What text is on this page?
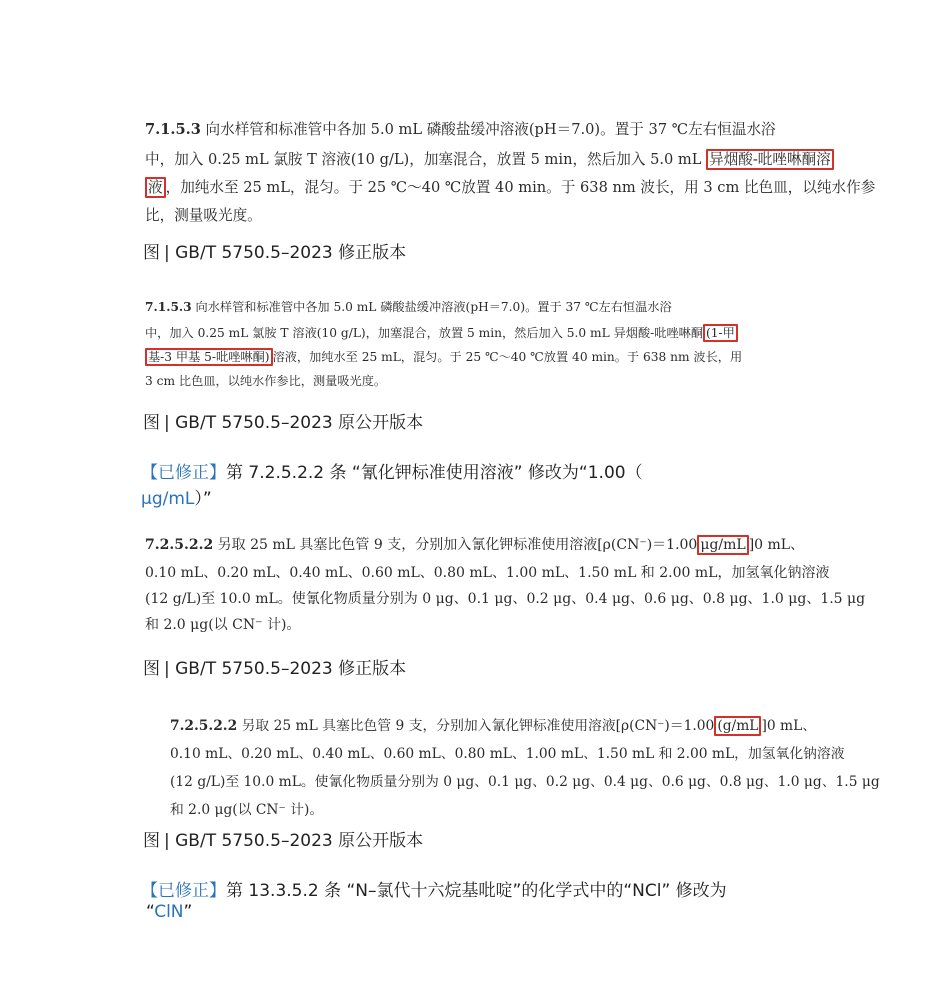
7.1.5.3 向水样管和标准管中各加 5.0 mL 磷酸盐缓冲溶液(pH＝7.0)。置于 37 ℃左右恒温水浴
中，加入 0.25 mL 氯胺 T 溶液(10 g/L)，加塞混合，放置 5 min，然后加入 5.0 mL 异烟酸-吡唑啉酮溶
液 ，加纯水至 25 mL，混匀。于 25 ℃～40 ℃放置 40 min。于 638 nm 波长，用 3 cm 比色皿，以纯水作参
比，测量吸光度。
图 | GB/T 5750.5–2023 修正版本
7.1.5.3 向水样管和标准管中各加 5.0 mL 磷酸盐缓冲溶液(pH＝7.0)。置于 37 ℃左右恒温水浴
中，加入 0.25 mL 氯胺 T 溶液(10 g/L)，加塞混合，放置 5 min，然后加入 5.0 mL 异烟酸-吡唑啉酮 (1-甲
基-3 甲基 5-吡唑啉酮) 溶液，加纯水至 25 mL，混匀。于 25 ℃～40 ℃放置 40 min。于 638 nm 波长，用
3 cm 比色皿，以纯水作参比，测量吸光度。
图 | GB/T 5750.5–2023 原公开版本
【已修正】第 7.2.5.2.2 条 “氰化钾标准使用溶液” 修改为“1.00（
μg/mL）”
7.2.5.2.2 另取 25 mL 具塞比色管 9 支，分别加入氰化钾标准使用溶液[ρ(CN⁻)＝1.00 μg/mL ]0 mL、
0.10 mL、0.20 mL、0.40 mL、0.60 mL、0.80 mL、1.00 mL、1.50 mL 和 2.00 mL，加氢氧化钠溶液
(12 g/L)至 10.0 mL。使氰化物质量分别为 0 μg、0.1 μg、0.2 μg、0.4 μg、0.6 μg、0.8 μg、1.0 μg、1.5 μg
和 2.0 μg(以 CN⁻ 计)。
图 | GB/T 5750.5–2023 修正版本
7.2.5.2.2 另取 25 mL 具塞比色管 9 支，分别加入氰化钾标准使用溶液[ρ(CN⁻)＝1.00 (g/mL ]0 mL、
0.10 mL、0.20 mL、0.40 mL、0.60 mL、0.80 mL、1.00 mL、1.50 mL 和 2.00 mL，加氢氧化钠溶液
(12 g/L)至 10.0 mL。使氰化物质量分别为 0 μg、0.1 μg、0.2 μg、0.4 μg、0.6 μg、0.8 μg、1.0 μg、1.5 μg
和 2.0 μg(以 CN⁻ 计)。
图 | GB/T 5750.5–2023 原公开版本
【已修正】第 13.3.5.2 条 “N–氯代十六烷基吡啶”的化学式中的“NCl” 修改为
“ClN”
